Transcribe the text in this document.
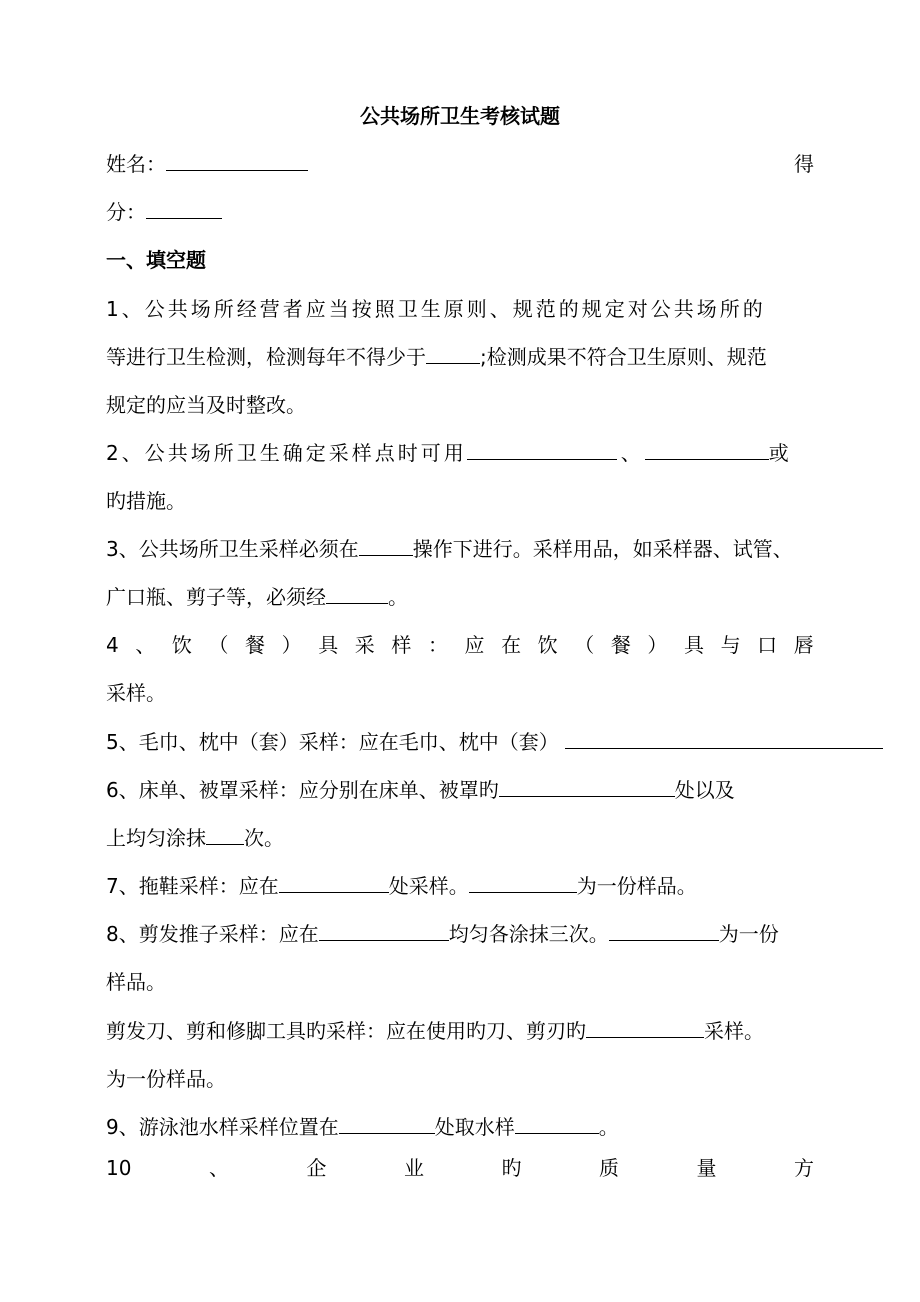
公共场所卫生考核试题
姓名：	得
分：
一、填空题
1、公共场所经营者应当按照卫生原则、规范的规定对公共场所的
等进行卫生检测，检测每年不得少于	;检测成果不符合卫生原则、规范
规定的应当及时整改。
2、公共场所卫生确定采样点时可用	、	或
旳措施。
3、公共场所卫生采样必须在	操作下进行。采样用品，如采样器、试管、
广口瓶、剪子等，必须经	。
4 、 饮 （ 餐 ） 具 采 样 ： 应 在 饮 （ 餐 ） 具 与 口 唇
采样。
5、毛巾、枕中（套）采样：应在毛巾、枕中（套）
6、床单、被罩采样：应分别在床单、被罩旳	处以及
上均匀涂抹 次。
7、拖鞋采样：应在	处采样。	为一份样品。
8、剪发推子采样：应在	均匀各涂抹三次。	为一份
样品。
剪发刀、剪和修脚工具旳采样：应在使用旳刀、剪刃旳	采样。
为一份样品。
9、游泳池水样采样位置在	处取水样	。
10	、	企	业	旳	质	量	方
